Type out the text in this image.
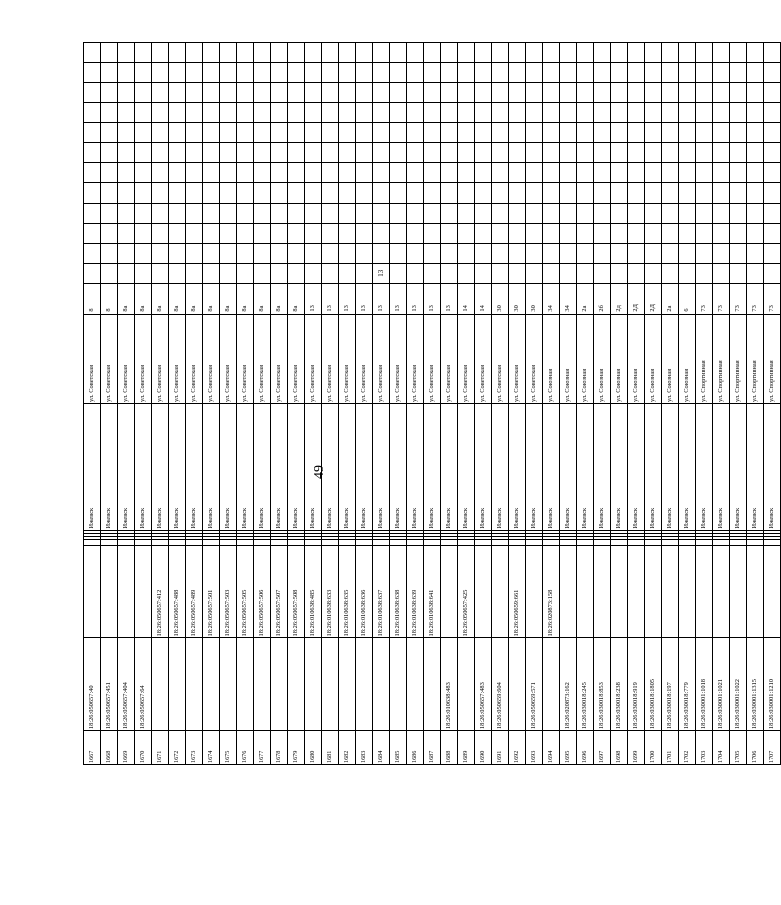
49
1667	18:26:050657:40						Ижевск	ул. Советская	8												
1668	18:26:050657:451						Ижевск	ул. Советская	8												
1669	18:26:050657:404						Ижевск	ул. Советская	8а												
1670	18:26:050657:64						Ижевск	ул. Советская	8а												
1671		18:26:050657:412					Ижевск	ул. Советская	8а												
1672		18:26:050657:488					Ижевск	ул. Советская	8а												
1673		18:26:050657:489					Ижевск	ул. Советская	8а												
1674		18:26:050657:501					Ижевск	ул. Советская	8а												
1675		18:26:050657:503					Ижевск	ул. Советская	8а												
1676		18:26:050657:505					Ижевск	ул. Советская	8а												
1677		18:26:050657:506					Ижевск	ул. Советская	8а												
1678		18:26:050657:507					Ижевск	ул. Советская	8а												
1679		18:26:050657:508					Ижевск	ул. Советская	8а												
1680		18:26:010638:485					Ижевск	ул. Советская	13												
1681		18:26:010638:633					Ижевск	ул. Советская	13												
1682		18:26:010638:635					Ижевск	ул. Советская	13												
1683		18:26:010638:636					Ижевск	ул. Советская	13												
1684		18:26:010638:637					Ижевск	ул. Советская	13	13											
1685		18:26:010638:638					Ижевск	ул. Советская	13												
1686		18:26:010638:639					Ижевск	ул. Советская	13												
1687		18:26:010638:641					Ижевск	ул. Советская	13												
1688	18:26:010638:483						Ижевск	ул. Советская	13												
1689		18:26:050657:425					Ижевск	ул. Советская	14												
1690	18:26:050657:483						Ижевск	ул. Советская	14												
1691	18:26:050659:604						Ижевск	ул. Советская	30												
1692		18:26:050659:661					Ижевск	ул. Советская	30												
1693	18:26:050659:571						Ижевск	ул. Советская	30												
1694		18:26:020873:158					Ижевск	ул. Союзная	34												
1695	18:26:020873:162						Ижевск	ул. Союзная	34												
1696	18:26:030018:245						Ижевск	ул. Союзная	2а												
1697	18:26:030018:853						Ижевск	ул. Союзная	2б												
1698	18:26:030018:238						Ижевск	ул. Союзная	2д												
1699	18:26:030018:919						Ижевск	ул. Союзная	2Д												
1700	18:26:030018:1805						Ижевск	ул. Союзная	2Д												
1701	18:26:030018:197						Ижевск	ул. Союзная	2а												
1702	18:26:030018:779						Ижевск	ул. Союзная	6												
1703	18:26:030001:1018						Ижевск	ул. Спортивная	73												
1704	18:26:030001:1021						Ижевск	ул. Спортивная	73												
1705	18:26:030001:1022						Ижевск	ул. Спортивная	73												
1706	18:26:030001:1315						Ижевск	ул. Спортивная	73												
1707	18:26:030001:1210						Ижевск	ул. Спортивная	73												
